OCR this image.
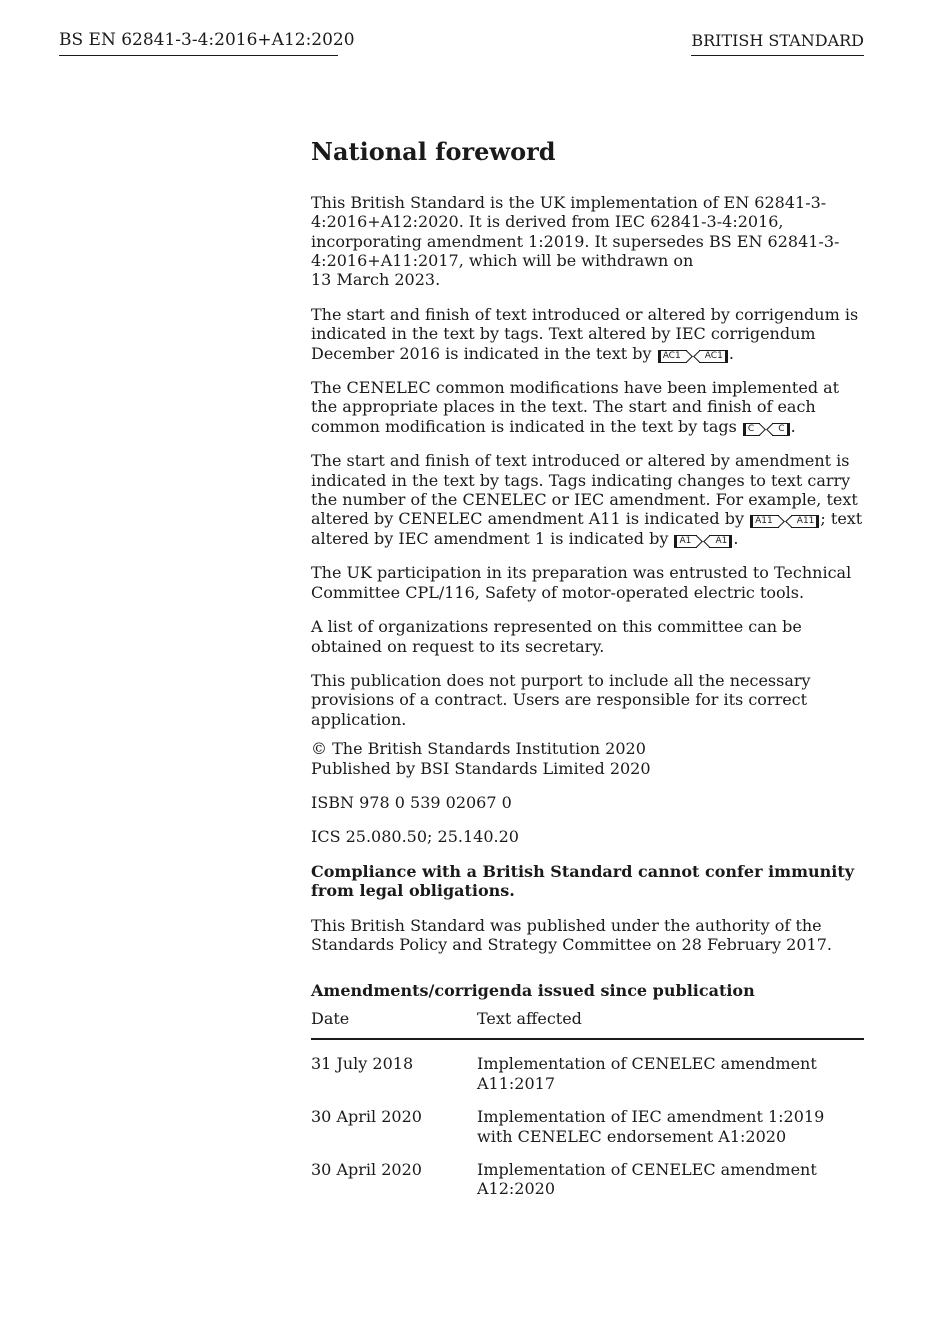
BS EN 62841-3-4:2016+A12:2020	BRITISH STANDARD
National foreword

This British Standard is the UK implementation of EN 62841-3-4:2016+A12:2020. It is derived from IEC 62841-3-4:2016, incorporating amendment 1:2019. It supersedes BS EN 62841-3-4:2016+A11:2017, which will be withdrawn on
13 March 2023.

The start and finish of text introduced or altered by corrigendum is indicated in the text by tags. Text altered by IEC corrigendum December 2016 is indicated in the text by AC1	AC1 .

The CENELEC common modifications have been implemented at the appropriate places in the text. The start and finish of each common modification is indicated in the text by tags C	C .

The start and finish of text introduced or altered by amendment is indicated in the text by tags. Tags indicating changes to text carry the number of the CENELEC or IEC amendment. For example, text altered by CENELEC amendment A11 is indicated by A11	A11 ; text altered by IEC amendment 1 is indicated by A1	A1 .

The UK participation in its preparation was entrusted to Technical Committee CPL/116, Safety of motor-operated electric tools.

A list of organizations represented on this committee can be obtained on request to its secretary.

This publication does not purport to include all the necessary provisions of a contract. Users are responsible for its correct application.

© The British Standards Institution 2020
Published by BSI Standards Limited 2020

ISBN 978 0 539 02067 0

ICS 25.080.50; 25.140.20

Compliance with a British Standard cannot confer immunity from legal obligations.

This British Standard was published under the authority of the Standards Policy and Strategy Committee on 28 February 2017.

Amendments/corrigenda issued since publication
Date	Text affected
31 July 2018	Implementation of CENELEC amendment A11:2017
30 April 2020	Implementation of IEC amendment 1:2019 with CENELEC endorsement A1:2020
30 April 2020	Implementation of CENELEC amendment A12:2020
